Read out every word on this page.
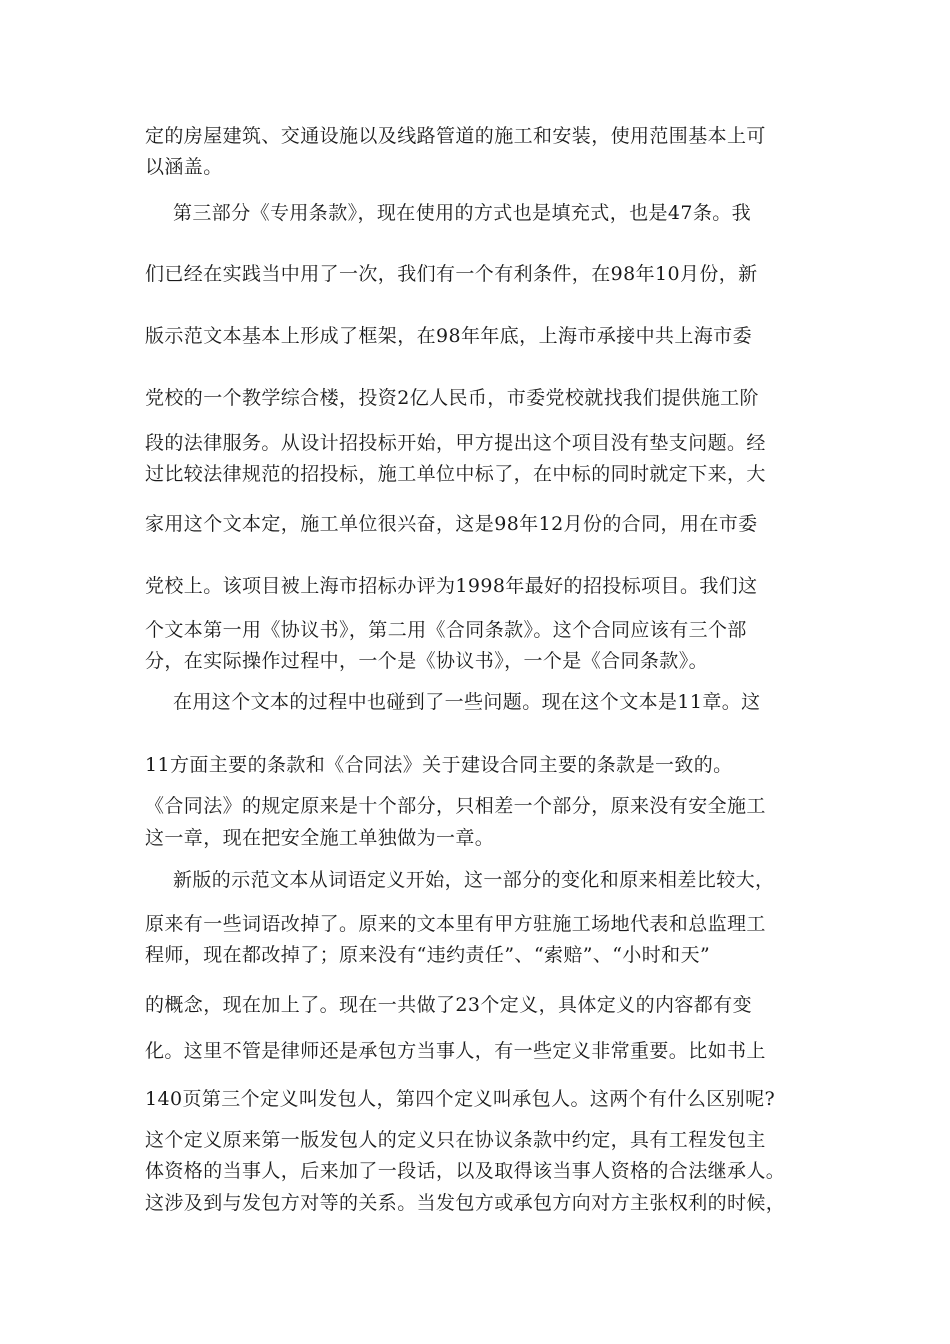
定的房屋建筑、交通设施以及线路管道的施工和安装，使用范围基本上可
以涵盖。
第三部分《专用条款》，现在使用的方式也是填充式，也是47条。我
们已经在实践当中用了一次，我们有一个有利条件，在98年10月份，新
版示范文本基本上形成了框架，在98年年底，上海市承接中共上海市委
党校的一个教学综合楼，投资2亿人民币，市委党校就找我们提供施工阶
段的法律服务。从设计招投标开始，甲方提出这个项目没有垫支问题。经
过比较法律规范的招投标，施工单位中标了，在中标的同时就定下来，大
家用这个文本定，施工单位很兴奋，这是98年12月份的合同，用在市委
党校上。该项目被上海市招标办评为1998年最好的招投标项目。我们这
个文本第一用《协议书》，第二用《合同条款》。这个合同应该有三个部
分，在实际操作过程中，一个是《协议书》，一个是《合同条款》。
在用这个文本的过程中也碰到了一些问题。现在这个文本是11章。这
11方面主要的条款和《合同法》关于建设合同主要的条款是一致的。
《合同法》的规定原来是十个部分，只相差一个部分，原来没有安全施工
这一章，现在把安全施工单独做为一章。
新版的示范文本从词语定义开始，这一部分的变化和原来相差比较大，
原来有一些词语改掉了。原来的文本里有甲方驻施工场地代表和总监理工
程师，现在都改掉了；原来没有“违约责任”、“索赔”、“小时和天”
的概念，现在加上了。现在一共做了23个定义，具体定义的内容都有变
化。这里不管是律师还是承包方当事人，有一些定义非常重要。比如书上
140页第三个定义叫发包人，第四个定义叫承包人。这两个有什么区别呢?
这个定义原来第一版发包人的定义只在协议条款中约定，具有工程发包主
体资格的当事人，后来加了一段话，以及取得该当事人资格的合法继承人。
这涉及到与发包方对等的关系。当发包方或承包方向对方主张权利的时候，
